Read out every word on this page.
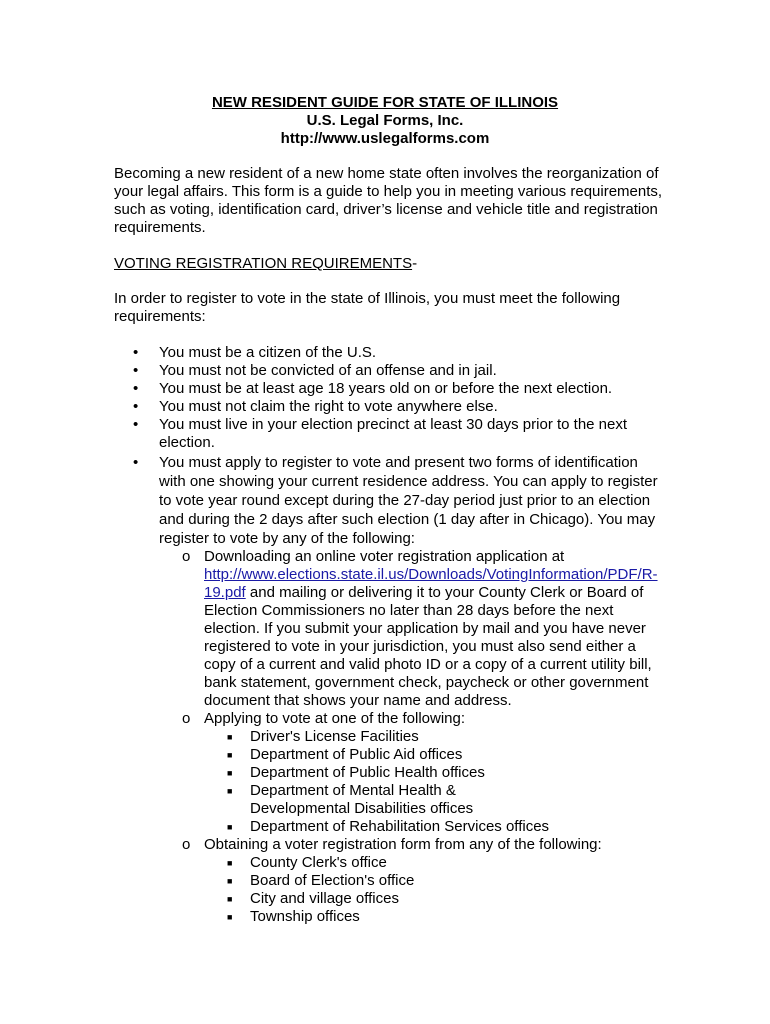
NEW RESIDENT GUIDE FOR STATE OF ILLINOIS
U.S. Legal Forms, Inc.
http://www.uslegalforms.com
Becoming a new resident of a new home state often involves the reorganization of your legal affairs. This form is a guide to help you in meeting various requirements, such as voting, identification card, driver’s license and vehicle title and registration requirements.
VOTING REGISTRATION REQUIREMENTS-
In order to register to vote in the state of Illinois, you must meet the following requirements:
• You must be a citizen of the U.S.
• You must not be convicted of an offense and in jail.
• You must be at least age 18 years old on or before the next election.
• You must not claim the right to vote anywhere else.
• You must live in your election precinct at least 30 days prior to the next election.
• You must apply to register to vote and present two forms of identification with one showing your current residence address. You can apply to register to vote year round except during the 27-day period just prior to an election and during the 2 days after such election (1 day after in Chicago). You may register to vote by any of the following:
o Downloading an online voter registration application at
http://www.elections.state.il.us/Downloads/VotingInformation/PDF/R-19.pdf and mailing or delivering it to your County Clerk or Board of Election Commissioners no later than 28 days before the next election. If you submit your application by mail and you have never registered to vote in your jurisdiction, you must also send either a copy of a current and valid photo ID or a copy of a current utility bill, bank statement, government check, paycheck or other government document that shows your name and address.
o Applying to vote at one of the following:
■ Driver's License Facilities
■ Department of Public Aid offices
■ Department of Public Health offices
■ Department of Mental Health & Developmental Disabilities offices
■ Department of Rehabilitation Services offices
o Obtaining a voter registration form from any of the following:
■ County Clerk's office
■ Board of Election's office
■ City and village offices
■ Township offices
